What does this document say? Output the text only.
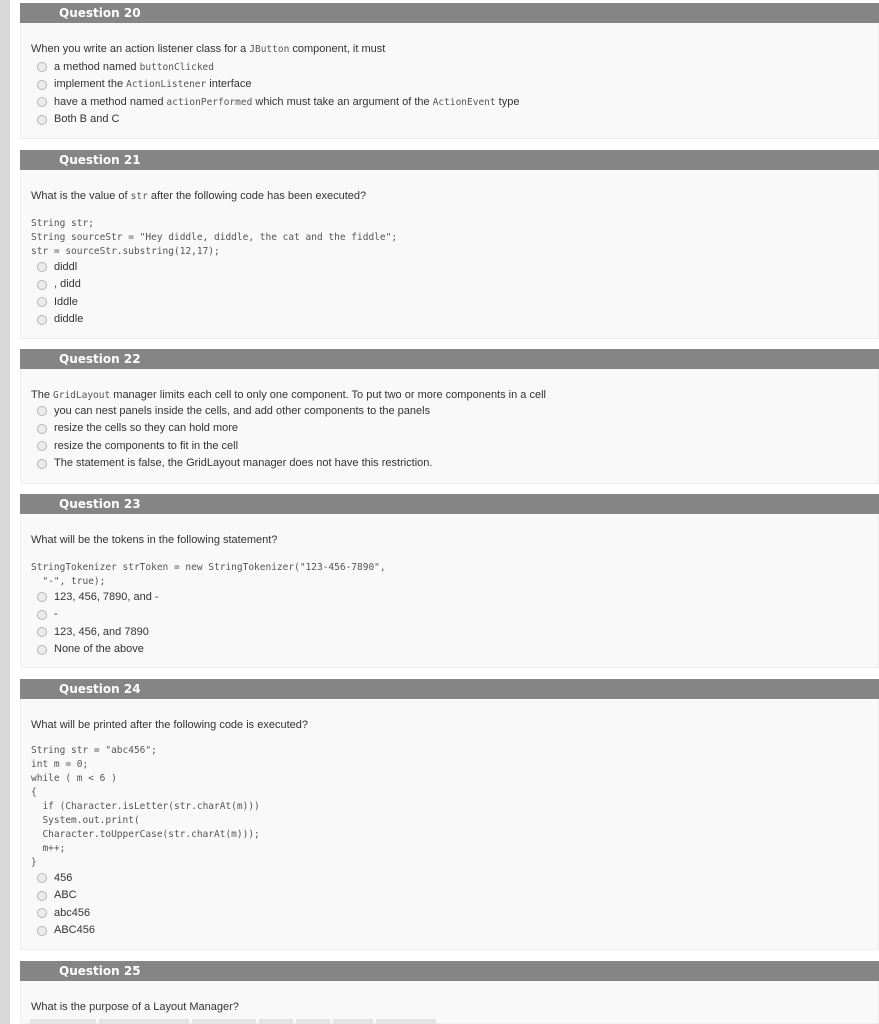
Question 20
When you write an action listener class for a JButton component, it must
a method named buttonClicked
implement the ActionListener interface
have a method named actionPerformed which must take an argument of the ActionEvent type
Both B and C
Question 21
What is the value of str after the following code has been executed?
String str;
String sourceStr = "Hey diddle, diddle, the cat and the fiddle";
str = sourceStr.substring(12,17);
diddl
, didd
Iddle
diddle
Question 22
The GridLayout manager limits each cell to only one component. To put two or more components in a cell
you can nest panels inside the cells, and add other components to the panels
resize the cells so they can hold more
resize the components to fit in the cell
The statement is false, the GridLayout manager does not have this restriction.
Question 23
What will be the tokens in the following statement?
StringTokenizer strToken = new StringTokenizer("123-456-7890",
"-", true);
123, 456, 7890, and -
-
123, 456, and 7890
None of the above
Question 24
What will be printed after the following code is executed?
String str = "abc456";
int m = 0;
while ( m < 6 )
{
if (Character.isLetter(str.charAt(m)))
System.out.print(
Character.toUpperCase(str.charAt(m)));
m++;
}
456
ABC
abc456
ABC456
Question 25
What is the purpose of a Layout Manager?
